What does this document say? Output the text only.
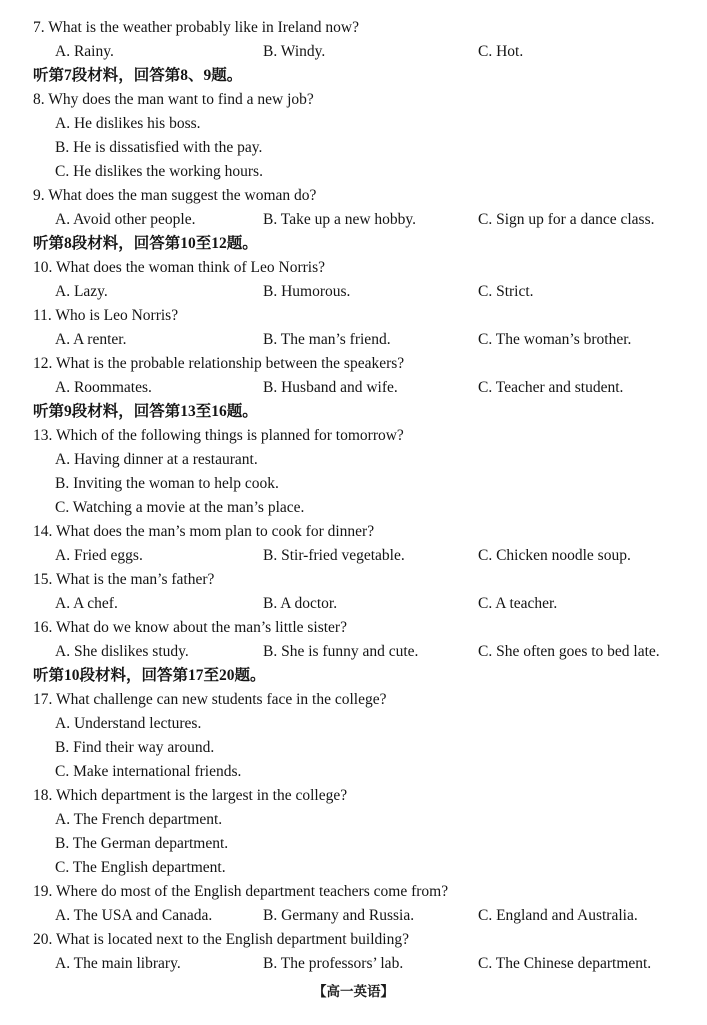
7. What is the weather probably like in Ireland now?
A. Rainy.	B. Windy.	C. Hot.
听第7段材料，回答第8、9题。
8. Why does the man want to find a new job?
A. He dislikes his boss.
B. He is dissatisfied with the pay.
C. He dislikes the working hours.
9. What does the man suggest the woman do?
A. Avoid other people.	B. Take up a new hobby.	C. Sign up for a dance class.
听第8段材料，回答第10至12题。
10. What does the woman think of Leo Norris?
A. Lazy.	B. Humorous.	C. Strict.
11. Who is Leo Norris?
A. A renter.	B. The man’s friend.	C. The woman’s brother.
12. What is the probable relationship between the speakers?
A. Roommates.	B. Husband and wife.	C. Teacher and student.
听第9段材料，回答第13至16题。
13. Which of the following things is planned for tomorrow?
A. Having dinner at a restaurant.
B. Inviting the woman to help cook.
C. Watching a movie at the man’s place.
14. What does the man’s mom plan to cook for dinner?
A. Fried eggs.	B. Stir-fried vegetable.	C. Chicken noodle soup.
15. What is the man’s father?
A. A chef.	B. A doctor.	C. A teacher.
16. What do we know about the man’s little sister?
A. She dislikes study.	B. She is funny and cute.	C. She often goes to bed late.
听第10段材料，回答第17至20题。
17. What challenge can new students face in the college?
A. Understand lectures.
B. Find their way around.
C. Make international friends.
18. Which department is the largest in the college?
A. The French department.
B. The German department.
C. The English department.
19. Where do most of the English department teachers come from?
A. The USA and Canada.	B. Germany and Russia.	C. England and Australia.
20. What is located next to the English department building?
A. The main library.	B. The professors’ lab.	C. The Chinese department.
【高一英语】
